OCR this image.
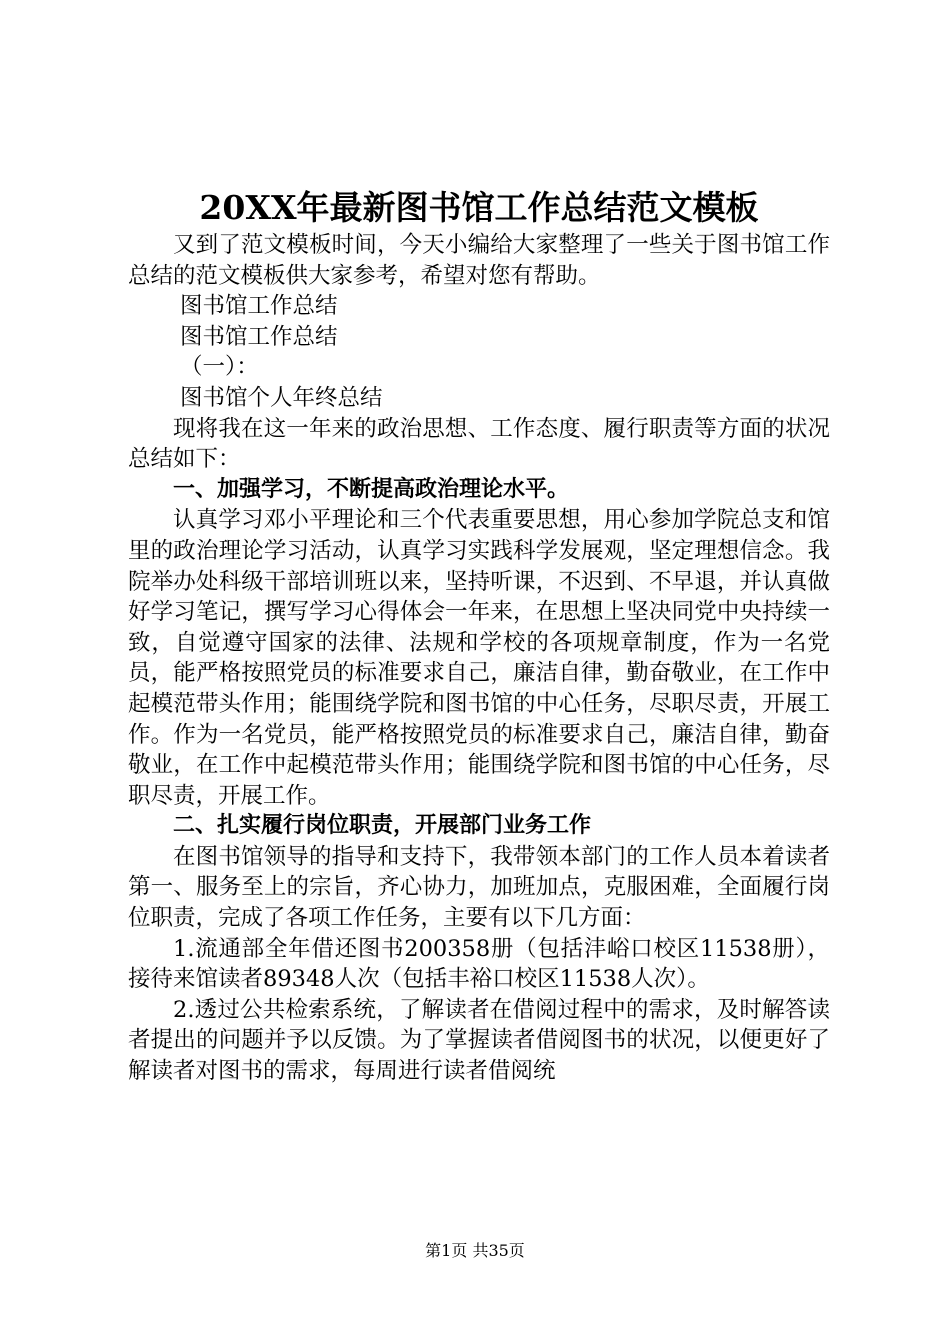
20XX年最新图书馆工作总结范文模板

又到了范文模板时间，今天小编给大家整理了一些关于图书馆工作总结的范文模板供大家参考，希望对您有帮助。

图书馆工作总结

图书馆工作总结

（一）：

图书馆个人年终总结

现将我在这一年来的政治思想、工作态度、履行职责等方面的状况总结如下：

一、加强学习，不断提高政治理论水平。

认真学习邓小平理论和三个代表重要思想，用心参加学院总支和馆里的政治理论学习活动，认真学习实践科学发展观，坚定理想信念。我院举办处科级干部培训班以来，坚持听课，不迟到、不早退，并认真做好学习笔记，撰写学习心得体会一年来，在思想上坚决同党中央持续一致，自觉遵守国家的法律、法规和学校的各项规章制度，作为一名党员，能严格按照党员的标准要求自己，廉洁自律，勤奋敬业，在工作中起模范带头作用；能围绕学院和图书馆的中心任务，尽职尽责，开展工作。作为一名党员，能严格按照党员的标准要求自己，廉洁自律，勤奋敬业，在工作中起模范带头作用；能围绕学院和图书馆的中心任务，尽职尽责，开展工作。

二、扎实履行岗位职责，开展部门业务工作

在图书馆领导的指导和支持下，我带领本部门的工作人员本着读者第一、服务至上的宗旨，齐心协力，加班加点，克服困难，全面履行岗位职责，完成了各项工作任务，主要有以下几方面：

1.流通部全年借还图书200358册（包括沣峪口校区11538册），接待来馆读者89348人次（包括丰裕口校区11538人次）。

2.透过公共检索系统，了解读者在借阅过程中的需求，及时解答读者提出的问题并予以反馈。为了掌握读者借阅图书的状况，以便更好了解读者对图书的需求，每周进行读者借阅统

第1页 共35页
